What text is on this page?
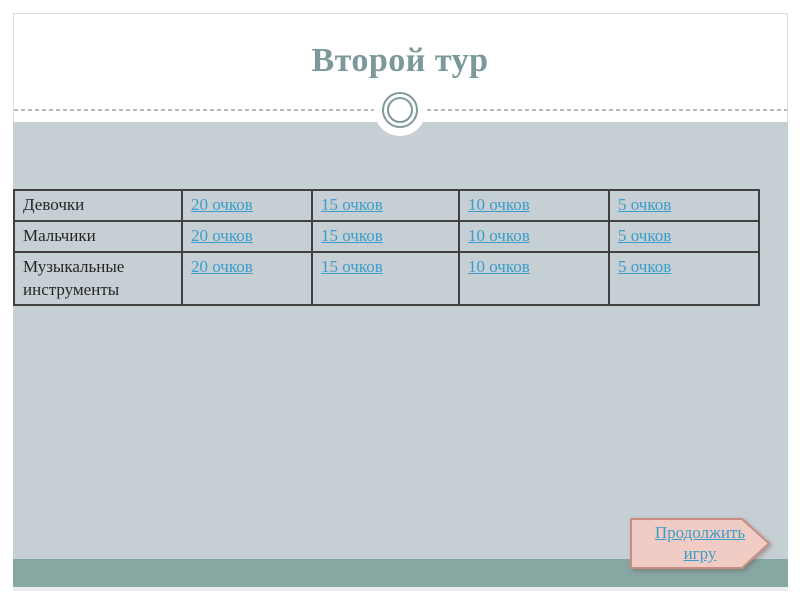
Второй тур
Девочки	20 очков	15 очков	10 очков	5 очков
Мальчики	20 очков	15 очков	10 очков	5 очков
Музыкальные инструменты	20 очков	15 очков	10 очков	5 очков
Продолжить
игру
